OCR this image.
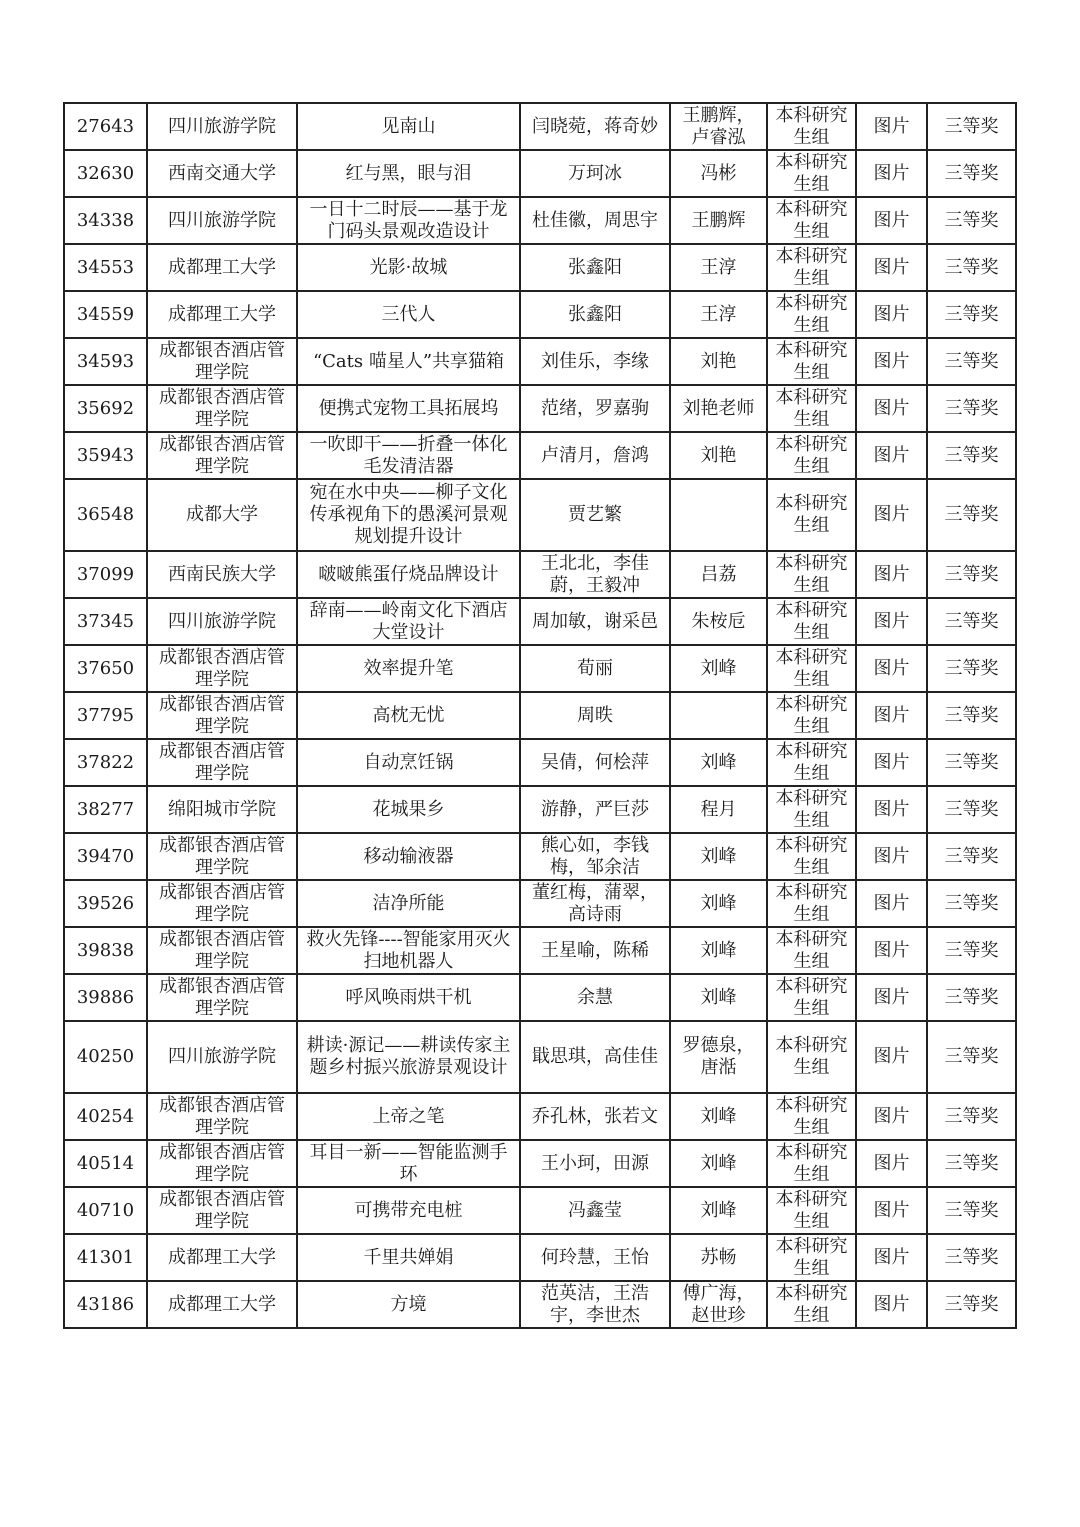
27643	四川旅游学院	见南山	闫晓菀，蒋奇妙	王鹏辉，卢睿泓	本科研究生组	图片	三等奖
32630	西南交通大学	红与黑，眼与泪	万珂冰	冯彬	本科研究生组	图片	三等奖
34338	四川旅游学院	一日十二时辰——基于龙门码头景观改造设计	杜佳徽，周思宇	王鹏辉	本科研究生组	图片	三等奖
34553	成都理工大学	光影·故城	张鑫阳	王淳	本科研究生组	图片	三等奖
34559	成都理工大学	三代人	张鑫阳	王淳	本科研究生组	图片	三等奖
34593	成都银杏酒店管理学院	“Cats 喵星人”共享猫箱	刘佳乐，李缘	刘艳	本科研究生组	图片	三等奖
35692	成都银杏酒店管理学院	便携式宠物工具拓展坞	范绪，罗嘉驹	刘艳老师	本科研究生组	图片	三等奖
35943	成都银杏酒店管理学院	一吹即干——折叠一体化毛发清洁器	卢清月，詹鸿	刘艳	本科研究生组	图片	三等奖
36548	成都大学	宛在水中央——柳子文化传承视角下的愚溪河景观规划提升设计	贾艺繁		本科研究生组	图片	三等奖
37099	西南民族大学	啵啵熊蛋仔烧品牌设计	王北北，李佳蔚，王毅冲	吕荔	本科研究生组	图片	三等奖
37345	四川旅游学院	辞南——岭南文化下酒店大堂设计	周加敏，谢采邑	朱桉卮	本科研究生组	图片	三等奖
37650	成都银杏酒店管理学院	效率提升笔	荀丽	刘峰	本科研究生组	图片	三等奖
37795	成都银杏酒店管理学院	高枕无忧	周昳		本科研究生组	图片	三等奖
37822	成都银杏酒店管理学院	自动烹饪锅	吴倩，何桧萍	刘峰	本科研究生组	图片	三等奖
38277	绵阳城市学院	花城果乡	游静，严巨莎	程月	本科研究生组	图片	三等奖
39470	成都银杏酒店管理学院	移动输液器	熊心如，李钱梅，邹余洁	刘峰	本科研究生组	图片	三等奖
39526	成都银杏酒店管理学院	洁净所能	董红梅，蒲翠，高诗雨	刘峰	本科研究生组	图片	三等奖
39838	成都银杏酒店管理学院	救火先锋----智能家用灭火扫地机器人	王星喻，陈稀	刘峰	本科研究生组	图片	三等奖
39886	成都银杏酒店管理学院	呼风唤雨烘干机	余慧	刘峰	本科研究生组	图片	三等奖
40250	四川旅游学院	耕读·源记——耕读传家主题乡村振兴旅游景观设计	戢思琪，高佳佳	罗德泉，唐湉	本科研究生组	图片	三等奖
40254	成都银杏酒店管理学院	上帝之笔	乔孔林，张若文	刘峰	本科研究生组	图片	三等奖
40514	成都银杏酒店管理学院	耳目一新——智能监测手环	王小珂，田源	刘峰	本科研究生组	图片	三等奖
40710	成都银杏酒店管理学院	可携带充电桩	冯鑫莹	刘峰	本科研究生组	图片	三等奖
41301	成都理工大学	千里共婵娟	何玲慧，王怡	苏畅	本科研究生组	图片	三等奖
43186	成都理工大学	方境	范英洁，王浩宇，李世杰	傅广海，赵世珍	本科研究生组	图片	三等奖
